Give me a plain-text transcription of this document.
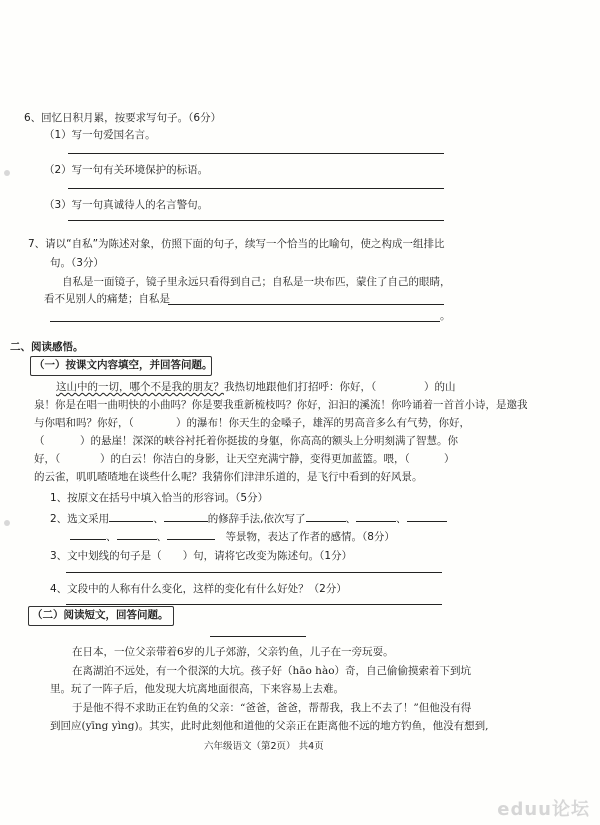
6、回忆日积月累，按要求写句子。（6分）
（1）写一句爱国名言。
（2）写一句有关环境保护的标语。
（3）写一句真诚待人的名言警句。
7、请以“自私”为陈述对象，仿照下面的句子，续写一个恰当的比喻句，使之构成一组排比
句。（3分）
自私是一面镜子，镜子里永远只看得到自己；自私是一块布匹，蒙住了自己的眼睛，
看不见别人的痛楚；自私是
。
二、阅读感悟。
（一）按课文内容填空，并回答问题。
这山中的一切，哪个不是我的朋友？我热切地跟他们打招呼：你好，（	）的山
泉！你是在唱一曲明快的小曲吗？你是要我重新梳枝吗？你好，汩汩的溪流！你吟诵着一首首小诗，是邀我
与你唱和吗？你好，（	）的瀑布！你天生的金嗓子，雄浑的男高音多么有气势，你好，
（	）的悬崖！深深的峡谷衬托着你挺拔的身躯，你高高的额头上分明刻满了智慧。你
好，（	）的白云！你洁白的身影，让天空充满宁静，变得更加蓝篮。喂，（	）
的云雀，叽叽喳喳地在谈些什么呢？我猜你们津津乐道的，是飞行中看到的好风景。
1、按原文在括号中填入恰当的形容词。（5分）
2、选文采用	、	的修辞手法,依次写了	、	、
、	、 	等景物，表达了作者的感情。（8分）
3、文中划线的句子是（   ）句，请将它改变为陈述句。（1分）
4、文段中的人称有什么变化，这样的变化有什么好处？（2分）
（二）阅读短文，回答问题。
在日本，一位父亲带着6岁的儿子郊游，父亲钓鱼，儿子在一旁玩耍。
在离湖泊不远处，有一个很深的大坑。孩子好（hāo hào）奇，自己偷偷摸索着下到坑
里。玩了一阵子后，他发现大坑离地面很高，下来容易上去难。
于是他不得不求助正在钓鱼的父亲：“爸爸，爸爸，帮帮我，我上不去了！”但他没有得
到回应(yīng yìng)。其实，此时此刻他和道他的父亲正在距离他不远的地方钓鱼，他没有想到,
六年级语文（第2页） 共4页
eduu论坛
